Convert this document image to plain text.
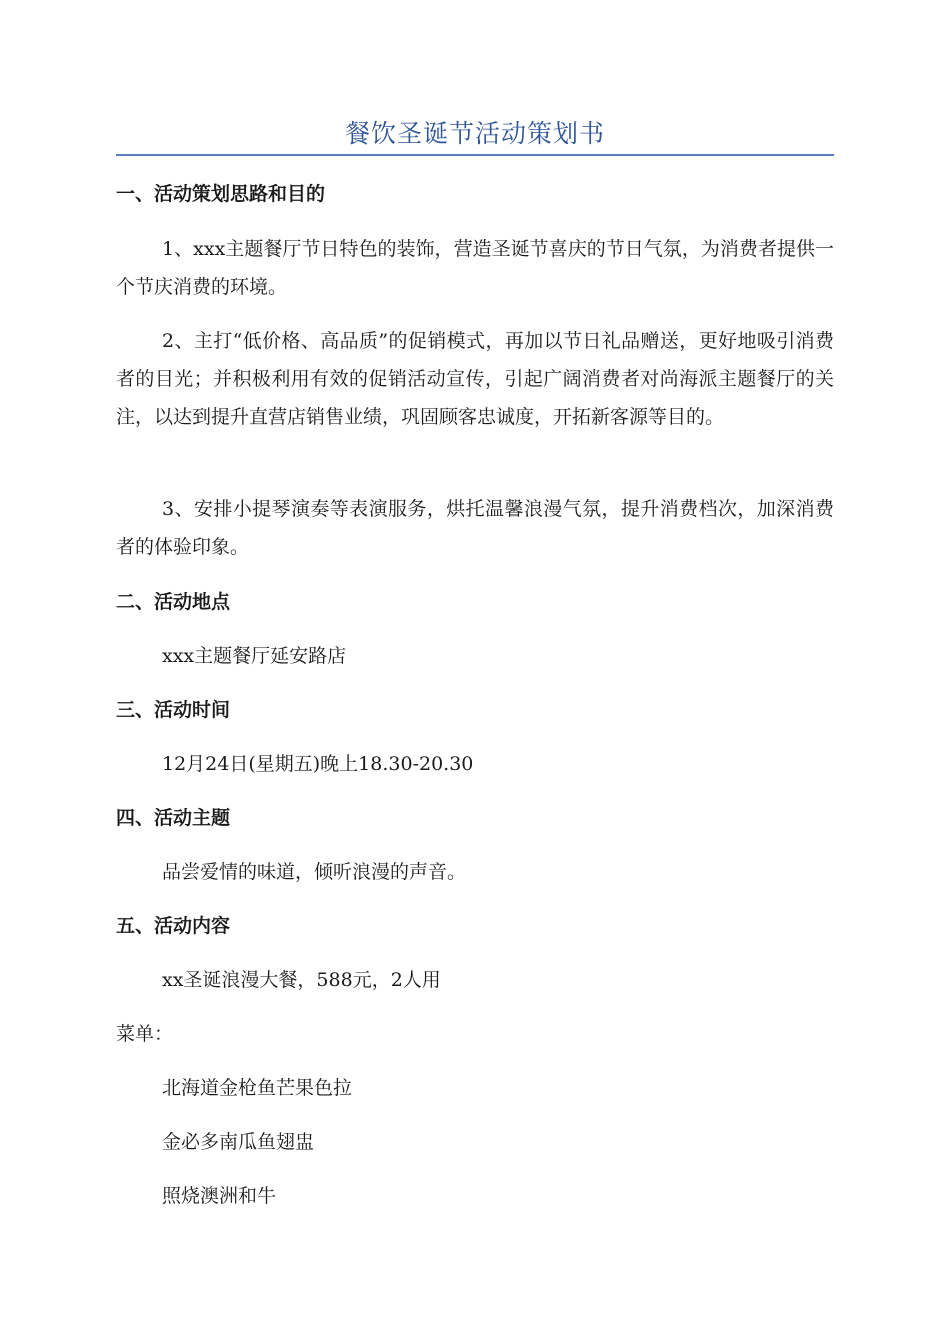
餐饮圣诞节活动策划书
一、活动策划思路和目的
1、xxx主题餐厅节日特色的装饰，营造圣诞节喜庆的节日气氛，为消费者提供一个节庆消费的环境。
2、主打“低价格、高品质”的促销模式，再加以节日礼品赠送，更好地吸引消费者的目光；并积极利用有效的促销活动宣传，引起广阔消费者对尚海派主题餐厅的关注，以达到提升直营店销售业绩，巩固顾客忠诚度，开拓新客源等目的。
3、安排小提琴演奏等表演服务，烘托温馨浪漫气氛，提升消费档次，加深消费者的体验印象。
二、活动地点
xxx主题餐厅延安路店
三、活动时间
12月24日(星期五)晚上18.30-20.30
四、活动主题
品尝爱情的味道，倾听浪漫的声音。
五、活动内容
xx圣诞浪漫大餐，588元，2人用
菜单：
北海道金枪鱼芒果色拉
金必多南瓜鱼翅盅
照烧澳洲和牛
